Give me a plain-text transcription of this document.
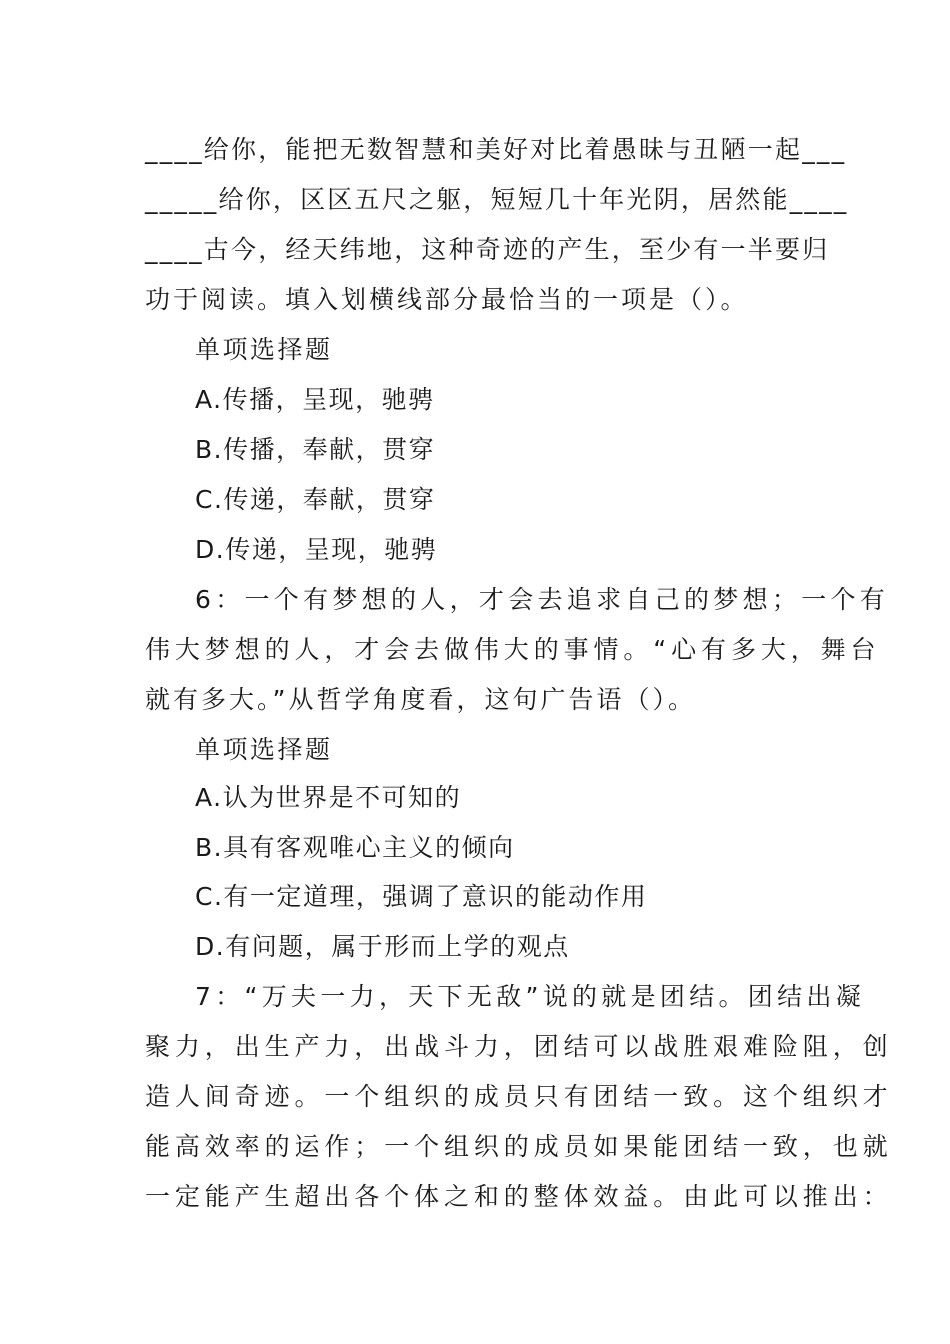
____给你，能把无数智慧和美好对比着愚昧与丑陋一起___
_____给你，区区五尺之躯，短短几十年光阴，居然能____
____古今，经天纬地，这种奇迹的产生，至少有一半要归
功于阅读。填入划横线部分最恰当的一项是（）。
单项选择题
A.传播，呈现，驰骋
B.传播，奉献，贯穿
C.传递，奉献，贯穿
D.传递，呈现，驰骋
6：一个有梦想的人，才会去追求自己的梦想；一个有
伟大梦想的人，才会去做伟大的事情。“心有多大，舞台
就有多大。”从哲学角度看，这句广告语（）。
单项选择题
A.认为世界是不可知的
B.具有客观唯心主义的倾向
C.有一定道理，强调了意识的能动作用
D.有问题，属于形而上学的观点
7：“万夫一力，天下无敌”说的就是团结。团结出凝
聚力，出生产力，出战斗力，团结可以战胜艰难险阻，创
造人间奇迹。一个组织的成员只有团结一致。这个组织才
能高效率的运作；一个组织的成员如果能团结一致，也就
一定能产生超出各个体之和的整体效益。由此可以推出：
